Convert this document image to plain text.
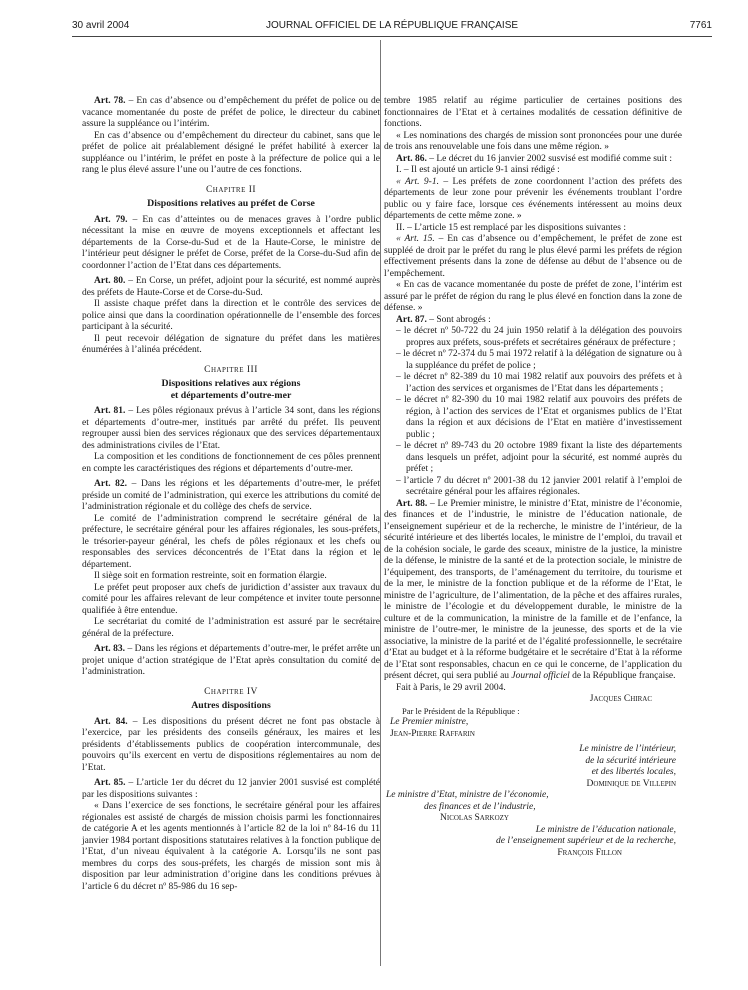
30 avril 2004	JOURNAL OFFICIEL DE LA RÉPUBLIQUE FRANÇAISE	7761

Art. 78. – En cas d’absence ou d’empêchement du préfet de police ou de vacance momentanée du poste de préfet de police, le directeur du cabinet assure la suppléance ou l’intérim.

En cas d’absence ou d’empêchement du directeur du cabinet, sans que le préfet de police ait préalablement désigné le préfet habilité à exercer la suppléance ou l’intérim, le préfet en poste à la préfecture de police qui a le rang le plus élevé assure l’une ou l’autre de ces fonctions.

Chapitre II
Dispositions relatives au préfet de Corse

Art. 79. – En cas d’atteintes ou de menaces graves à l’ordre public nécessitant la mise en œuvre de moyens exceptionnels et affectant les départements de la Corse-du-Sud et de la Haute-Corse, le ministre de l’intérieur peut désigner le préfet de Corse, préfet de la Corse-du-Sud afin de coordonner l’action de l’Etat dans ces départements.

Art. 80. – En Corse, un préfet, adjoint pour la sécurité, est nommé auprès des préfets de Haute-Corse et de Corse-du-Sud.

Il assiste chaque préfet dans la direction et le contrôle des services de police ainsi que dans la coordination opérationnelle de l’ensemble des forces participant à la sécurité.

Il peut recevoir délégation de signature du préfet dans les matières énumérées à l’alinéa précédent.

Chapitre III
Dispositions relatives aux régions
et départements d’outre-mer

Art. 81. – Les pôles régionaux prévus à l’article 34 sont, dans les régions et départements d’outre-mer, institués par arrêté du préfet. Ils peuvent regrouper aussi bien des services régionaux que des services départementaux des administrations civiles de l’Etat.

La composition et les conditions de fonctionnement de ces pôles prennent en compte les caractéristiques des régions et départements d’outre-mer.

Art. 82. – Dans les régions et les départements d’outre-mer, le préfet préside un comité de l’administration, qui exerce les attributions du comité de l’administration régionale et du collège des chefs de service.

Le comité de l’administration comprend le secrétaire général de la préfecture, le secrétaire général pour les affaires régionales, les sous-préfets, le trésorier-payeur général, les chefs de pôles régionaux et les chefs ou responsables des services déconcentrés de l’Etat dans la région et le département.

Il siège soit en formation restreinte, soit en formation élargie.

Le préfet peut proposer aux chefs de juridiction d’assister aux travaux du comité pour les affaires relevant de leur compétence et inviter toute personne qualifiée à être entendue.

Le secrétariat du comité de l’administration est assuré par le secrétaire général de la préfecture.

Art. 83. – Dans les régions et départements d’outre-mer, le préfet arrête un projet unique d’action stratégique de l’Etat après consultation du comité de l’administration.

Chapitre IV
Autres dispositions

Art. 84. – Les dispositions du présent décret ne font pas obstacle à l’exercice, par les présidents des conseils généraux, les maires et les présidents d’établissements publics de coopération intercommunale, des pouvoirs qu’ils exercent en vertu de dispositions réglementaires au nom de l’Etat.

Art. 85. – L’article 1er du décret du 12 janvier 2001 susvisé est complété par les dispositions suivantes :

« Dans l’exercice de ses fonctions, le secrétaire général pour les affaires régionales est assisté de chargés de mission choisis parmi les fonctionnaires de catégorie A et les agents mentionnés à l’article 82 de la loi nº 84-16 du 11 janvier 1984 portant dispositions statutaires relatives à la fonction publique de l’Etat, d’un niveau équivalent à la catégorie A. Lorsqu’ils ne sont pas membres du corps des sous-préfets, les chargés de mission sont mis à disposition par leur administration d’origine dans les conditions prévues à l’article 6 du décret nº 85-986 du 16 sep-

tembre 1985 relatif au régime particulier de certaines positions des fonctionnaires de l’Etat et à certaines modalités de cessation définitive de fonctions.

« Les nominations des chargés de mission sont prononcées pour une durée de trois ans renouvelable une fois dans une même région. »

Art. 86. – Le décret du 16 janvier 2002 susvisé est modifié comme suit :

I. – Il est ajouté un article 9-1 ainsi rédigé :

« Art. 9-1. – Les préfets de zone coordonnent l’action des préfets des départements de leur zone pour prévenir les événements troublant l’ordre public ou y faire face, lorsque ces événements intéressent au moins deux départements de cette même zone. »

II. – L’article 15 est remplacé par les dispositions suivantes :

« Art. 15. – En cas d’absence ou d’empêchement, le préfet de zone est suppléé de droit par le préfet du rang le plus élevé parmi les préfets de région effectivement présents dans la zone de défense au début de l’absence ou de l’empêchement.

« En cas de vacance momentanée du poste de préfet de zone, l’intérim est assuré par le préfet de région du rang le plus élevé en fonction dans la zone de défense. »

Art. 87. – Sont abrogés :

– le décret nº 50-722 du 24 juin 1950 relatif à la délégation des pouvoirs propres aux préfets, sous-préfets et secrétaires généraux de préfecture ;
– le décret nº 72-374 du 5 mai 1972 relatif à la délégation de signature ou à la suppléance du préfet de police ;
– le décret nº 82-389 du 10 mai 1982 relatif aux pouvoirs des préfets et à l’action des services et organismes de l’Etat dans les départements ;
– le décret nº 82-390 du 10 mai 1982 relatif aux pouvoirs des préfets de région, à l’action des services de l’Etat et organismes publics de l’Etat dans la région et aux décisions de l’Etat en matière d’investissement public ;
– le décret nº 89-743 du 20 octobre 1989 fixant la liste des départements dans lesquels un préfet, adjoint pour la sécurité, est nommé auprès du préfet ;
– l’article 7 du décret nº 2001-38 du 12 janvier 2001 relatif à l’emploi de secrétaire général pour les affaires régionales.

Art. 88. – Le Premier ministre, le ministre d’Etat, ministre de l’économie, des finances et de l’industrie, le ministre de l’éducation nationale, de l’enseignement supérieur et de la recherche, le ministre de l’intérieur, de la sécurité intérieure et des libertés locales, le ministre de l’emploi, du travail et de la cohésion sociale, le garde des sceaux, ministre de la justice, la ministre de la défense, le ministre de la santé et de la protection sociale, le ministre de l’équipement, des transports, de l’aménagement du territoire, du tourisme et de la mer, le ministre de la fonction publique et de la réforme de l’Etat, le ministre de l’agriculture, de l’alimentation, de la pêche et des affaires rurales, le ministre de l’écologie et du développement durable, le ministre de la culture et de la communication, la ministre de la famille et de l’enfance, la ministre de l’outre-mer, le ministre de la jeunesse, des sports et de la vie associative, la ministre de la parité et de l’égalité professionnelle, le secrétaire d’Etat au budget et à la réforme budgétaire et le secrétaire d’Etat à la réforme de l’Etat sont responsables, chacun en ce qui le concerne, de l’application du présent décret, qui sera publié au Journal officiel de la République française.

Fait à Paris, le 29 avril 2004.

Jacques Chirac
Par le Président de la République :
Le Premier ministre,
Jean-Pierre Raffarin
Le ministre de l’intérieur,
de la sécurité intérieure
et des libertés locales,
Dominique de Villepin
Le ministre d’Etat, ministre de l’économie,
des finances et de l’industrie,
Nicolas Sarkozy
Le ministre de l’éducation nationale,
de l’enseignement supérieur et de la recherche,
François Fillon
